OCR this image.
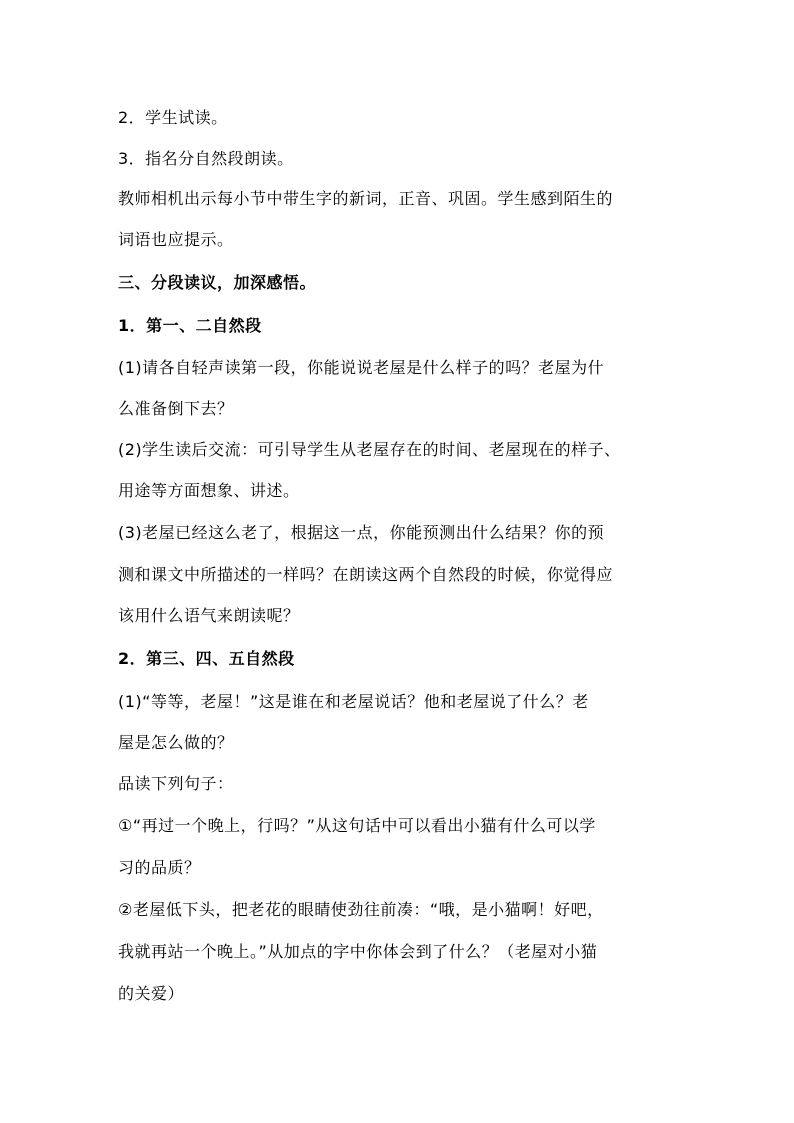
2．学生试读。
3．指名分自然段朗读。
教师相机出示每小节中带生字的新词，正音、巩固。学生感到陌生的
词语也应提示。
三、分段读议，加深感悟。
1．第一、二自然段
(1)请各自轻声读第一段，你能说说老屋是什么样子的吗？老屋为什
么准备倒下去？
(2)学生读后交流：可引导学生从老屋存在的时间、老屋现在的样子、
用途等方面想象、讲述。
(3)老屋已经这么老了，根据这一点，你能预测出什么结果？你的预
测和课文中所描述的一样吗？在朗读这两个自然段的时候，你觉得应
该用什么语气来朗读呢？
2．第三、四、五自然段
(1)“等等，老屋！”这是谁在和老屋说话？他和老屋说了什么？老
屋是怎么做的？
品读下列句子：
①“再过一个晚上，行吗？”从这句话中可以看出小猫有什么可以学
习的品质？
②老屋低下头，把老花的眼睛使劲往前凑：“哦，是小猫啊！好吧，
我就再站一个晚上。”从加点的字中你体会到了什么？（老屋对小猫
的关爱）
